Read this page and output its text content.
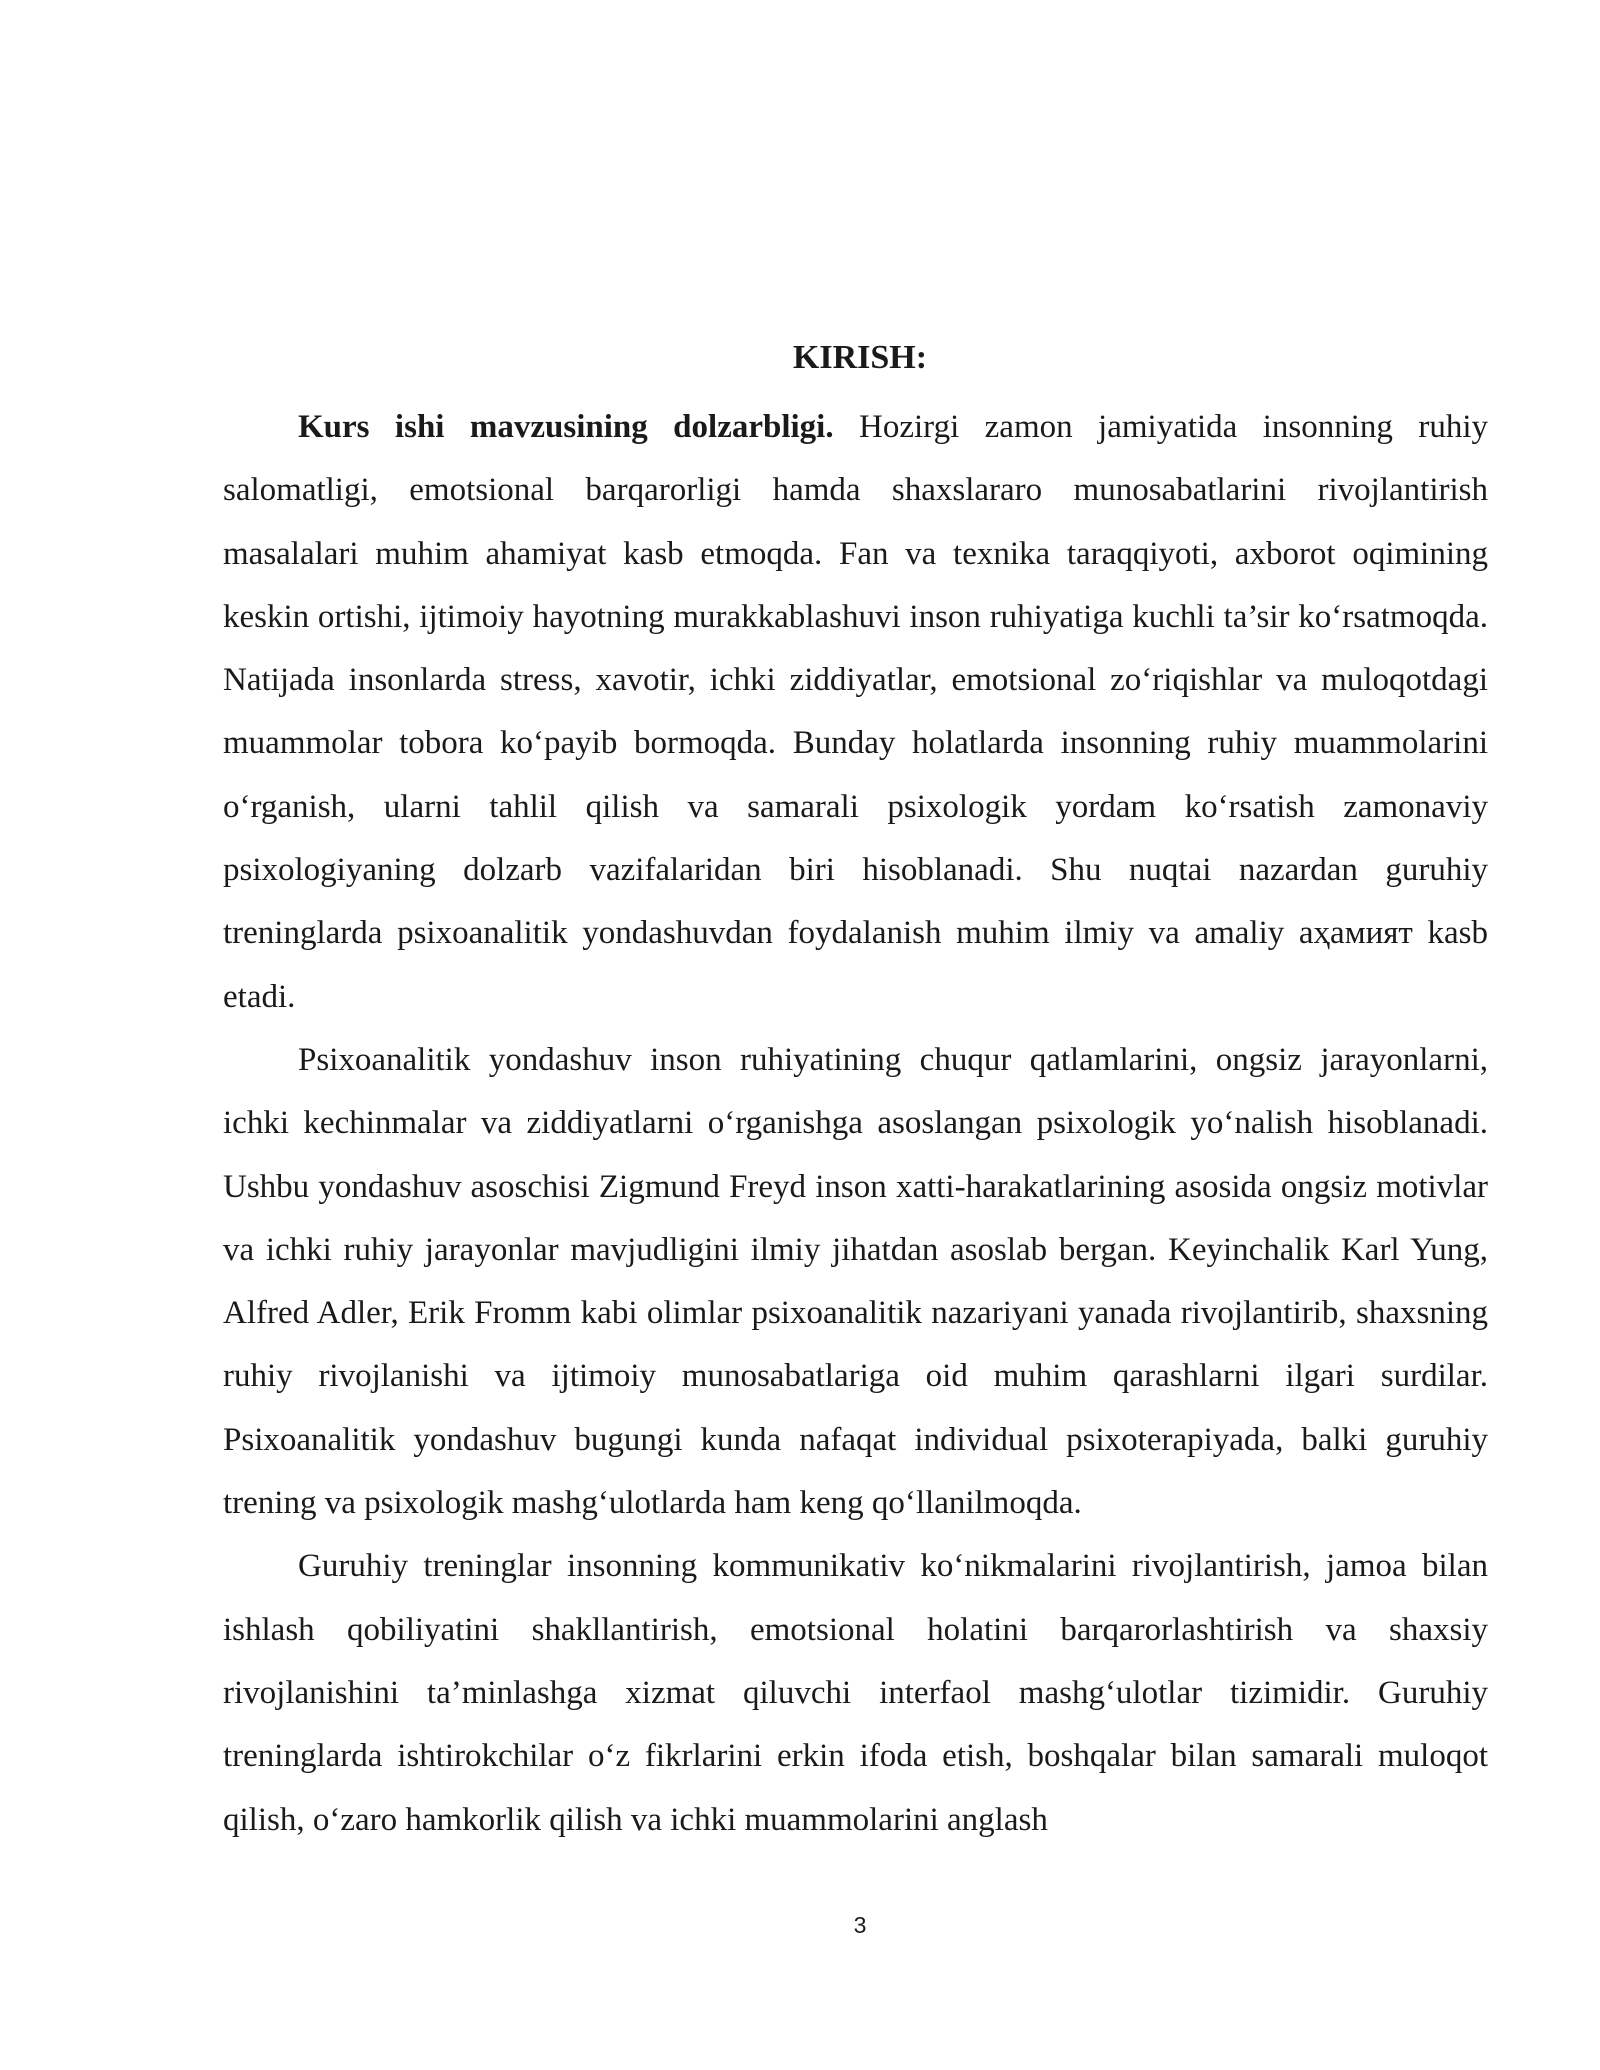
KIRISH:

Kurs ishi mavzusining dolzarbligi. Hozirgi zamon jamiyatida insonning ruhiy salomatligi, emotsional barqarorligi hamda shaxslararo munosabatlarini rivojlantirish masalalari muhim ahamiyat kasb etmoqda. Fan va texnika taraqqiyoti, axborot oqimining keskin ortishi, ijtimoiy hayotning murakkablashuvi inson ruhiyatiga kuchli ta’sir ko‘rsatmoqda. Natijada insonlarda stress, xavotir, ichki ziddiyatlar, emotsional zo‘riqishlar va muloqotdagi muammolar tobora ko‘payib bormoqda. Bunday holatlarda insonning ruhiy muammolarini o‘rganish, ularni tahlil qilish va samarali psixologik yordam ko‘rsatish zamonaviy psixologiyaning dolzarb vazifalaridan biri hisoblanadi. Shu nuqtai nazardan guruhiy treninglarda psixoanalitik yondashuvdan foydalanish muhim ilmiy va amaliy аҳамият kasb etadi.

Psixoanalitik yondashuv inson ruhiyatining chuqur qatlamlarini, ongsiz jarayonlarni, ichki kechinmalar va ziddiyatlarni o‘rganishga asoslangan psixologik yo‘nalish hisoblanadi. Ushbu yondashuv asoschisi Zigmund Freyd inson xatti-harakatlarining asosida ongsiz motivlar va ichki ruhiy jarayonlar mavjudligini ilmiy jihatdan asoslab bergan. Keyinchalik Karl Yung, Alfred Adler, Erik Fromm kabi olimlar psixoanalitik nazariyani yanada rivojlantirib, shaxsning ruhiy rivojlanishi va ijtimoiy munosabatlariga oid muhim qarashlarni ilgari surdilar. Psixoanalitik yondashuv bugungi kunda nafaqat individual psixoterapiyada, balki guruhiy trening va psixologik mashg‘ulotlarda ham keng qo‘llanilmoqda.

Guruhiy treninglar insonning kommunikativ ko‘nikmalarini rivojlantirish, jamoa bilan ishlash qobiliyatini shakllantirish, emotsional holatini barqarorlashtirish va shaxsiy rivojlanishini ta’minlashga xizmat qiluvchi interfaol mashg‘ulotlar tizimidir. Guruhiy treninglarda ishtirokchilar o‘z fikrlarini erkin ifoda etish, boshqalar bilan samarali muloqot qilish, o‘zaro hamkorlik qilish va ichki muammolarini anglash

3
